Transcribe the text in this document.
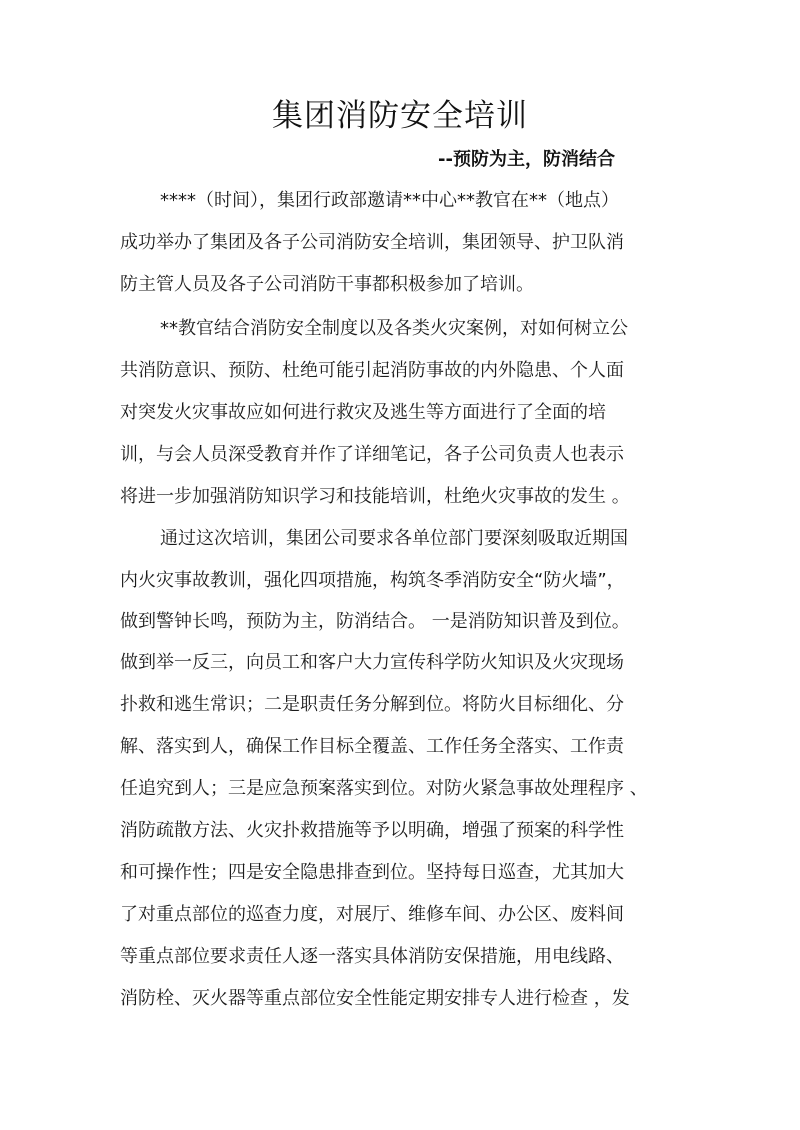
集团消防安全培训
--预防为主，防消结合
****（时间），集团行政部邀请**中心**教官在**（地点）
成功举办了集团及各子公司消防安全培训，集团领导、护卫队消
防主管人员及各子公司消防干事都积极参加了培训。
**教官结合消防安全制度以及各类火灾案例，对如何树立公
共消防意识、预防、杜绝可能引起消防事故的内外隐患、个人面
对突发火灾事故应如何进行救灾及逃生等方面进行了全面的培
训，与会人员深受教育并作了详细笔记，各子公司负责人也表示
将进一步加强消防知识学习和技能培训，杜绝火灾事故的发生 。
通过这次培训，集团公司要求各单位部门要深刻吸取近期国
内火灾事故教训，强化四项措施，构筑冬季消防安全“防火墙”，
做到警钟长鸣，预防为主，防消结合。 一是消防知识普及到位。
做到举一反三，向员工和客户大力宣传科学防火知识及火灾现场
扑救和逃生常识；二是职责任务分解到位。将防火目标细化、分
解、落实到人，确保工作目标全覆盖、工作任务全落实、工作责
任追究到人；三是应急预案落实到位。对防火紧急事故处理程序 、
消防疏散方法、火灾扑救措施等予以明确，增强了预案的科学性
和可操作性；四是安全隐患排查到位。坚持每日巡查，尤其加大
了对重点部位的巡查力度，对展厅、维修车间、办公区、废料间
等重点部位要求责任人逐一落实具体消防安保措施，用电线路、
消防栓、灭火器等重点部位安全性能定期安排专人进行检查 ，发
